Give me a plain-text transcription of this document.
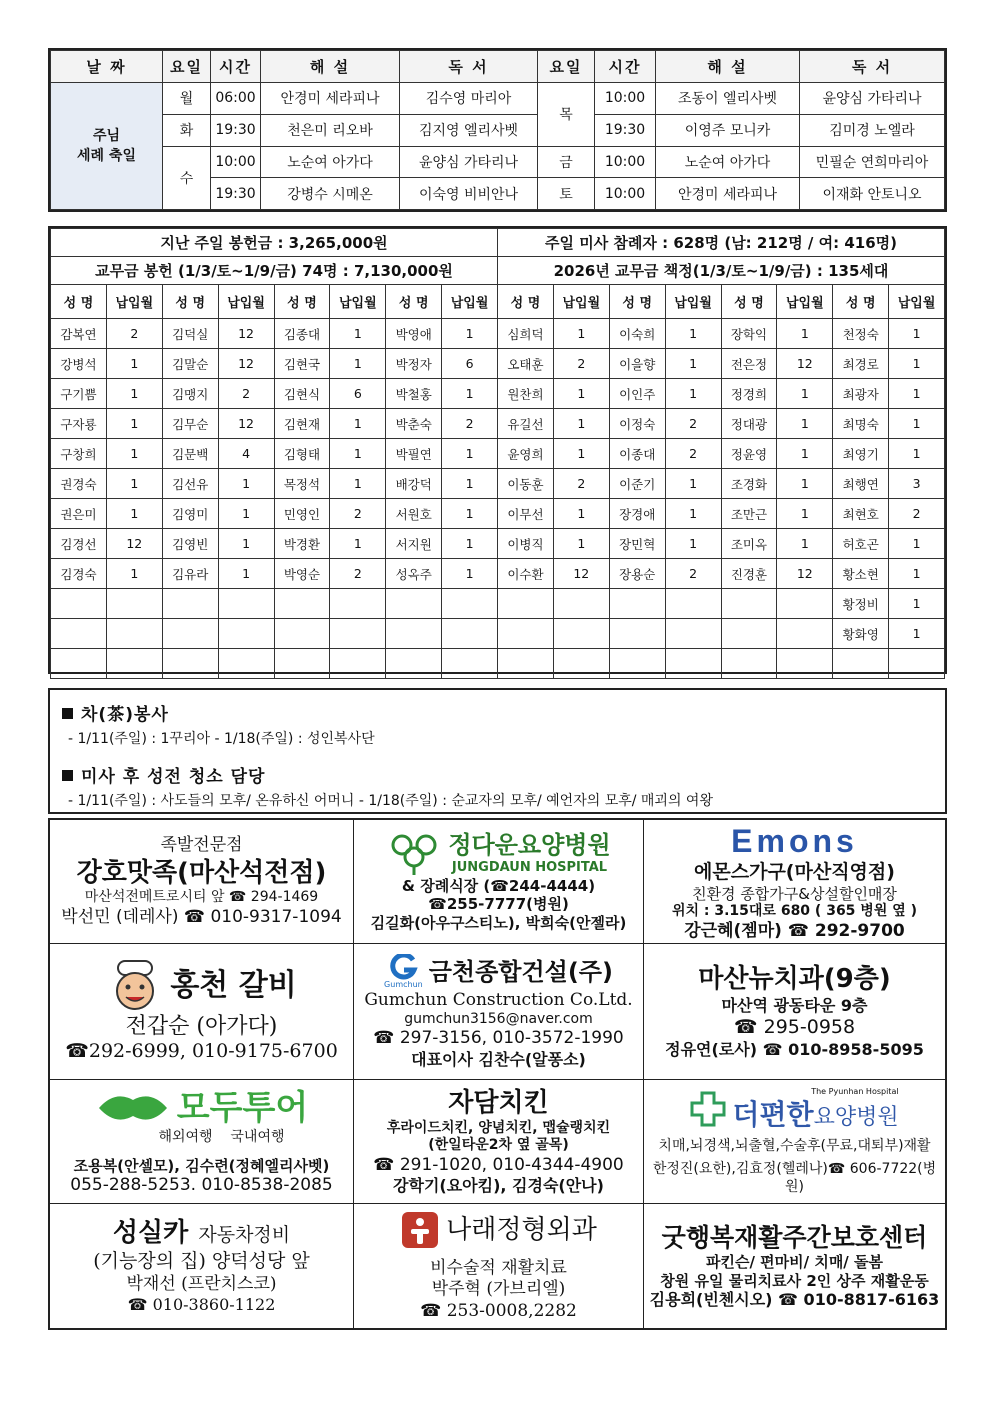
날 짜	요일	시간	해 설	독 서	요일	시간	해 설	독 서

주님
세례 축일	월	06:00	안경미 세라피나	김수영 마리아	목	10:00	조동이 엘리사벳	윤양심 가타리나
	화	19:30	천은미 리오바	김지영 엘리사벳		19:30	이영주 모니카	김미경 노엘라
	수	10:00	노순여 아가다	윤양심 가타리나	금	10:00	노순여 아가다	민필순 연희마리아
		19:30	강병수 시메온	이숙영 비비안나	토	10:00	안경미 세라피나	이재화 안토니오
지난 주일 봉헌금 : 3,265,000원								주일 미사 참례자 : 628명 (남: 212명 / 여: 416명)							
교무금 봉헌 (1/3/토~1/9/금) 74명 : 7,130,000원								2026년 교무금 책정(1/3/토~1/9/금) : 135세대							
성 명	납입월	성 명	납입월	성 명	납입월	성 명	납입월	성 명	납입월	성 명	납입월	성 명	납입월	성 명	납입월
감복연	2	김덕실	12	김종대	1	박영애	1	심희덕	1	이숙희	1	장학익	1	천정숙	1
강병석	1	김말순	12	김현국	1	박정자	6	오태훈	2	이을향	1	전은정	12	최경로	1
구기쁨	1	김맹지	2	김현식	6	박철홍	1	원찬희	1	이인주	1	정경희	1	최광자	1
구자룡	1	김무순	12	김현재	1	박춘숙	2	유길선	1	이정숙	2	정대광	1	최명숙	1
구창희	1	김문백	4	김형태	1	박필연	1	윤영희	1	이종대	2	정윤영	1	최영기	1
권경숙	1	김선유	1	목정석	1	배강덕	1	이동훈	2	이준기	1	조경화	1	최행연	3
권은미	1	김영미	1	민영인	2	서원호	1	이무선	1	장경애	1	조만근	1	최현호	2
김경선	12	김영빈	1	박경환	1	서지원	1	이병직	1	장민혁	1	조미옥	1	허호곤	1
김경숙	1	김유라	1	박영순	2	성옥주	1	이수환	12	장용순	2	진경훈	12	황소현	1
														황정비	1
														황화영	1

차(茶)봉사
- 1/11(주일) : 1꾸리아 - 1/18(주일) : 성인복사단
미사 후 성전 청소 담당
- 1/11(주일) : 사도들의 모후/ 온유하신 어머니 - 1/18(주일) : 순교자의 모후/ 예언자의 모후/ 매괴의 여왕
족발전문점
강호맛족(마산석전점)
마산석전메트로시티 앞 ☎ 294-1469
박선민 (데레사) ☎ 010-9317-1094
정다운요양병원
JUNGDAUN HOSPITAL
& 장례식장 (☎244-4444)
☎255-7777(병원)
김길화(아우구스티노), 박희숙(안젤라)
Emons
에몬스가구(마산직영점)
친환경 종합가구&상설할인매장
위치 : 3.15대로 680 ( 365 병원 옆 )
강근혜(젬마) ☎ 292-9700
홍천 갈비
전갑순 (아가다)
☎292-6999, 010-9175-6700
Gumchun 금천종합건설(주)
Gumchun Construction Co.Ltd.
gumchun3156@naver.com
☎ 297-3156, 010-3572-1990
대표이사 김찬수(알퐁소)
마산뉴치과(9층)
마산역 광동타운 9층
☎ 295-0958
정유연(로사) ☎ 010-8958-5095
모두투어
해외여행 국내여행
조용복(안셀모), 김수련(정혜엘리사벳)
055-288-5253. 010-8538-2085
자담치킨
후라이드치킨, 양념치킨, 맵슐랭치킨
(한일타운2차 옆 골목)
☎ 291-1020, 010-4344-4900
강학기(요아킴), 김경숙(안나)
The Pyunhan Hospital
더편한요양병원
치매,뇌경색,뇌출혈,수술후(무료,대퇴부)재활
한정진(요한),김효정(헬레나)☎ 606-7722(병원)
성실카 자동차정비
(기능장의 집) 양덕성당 앞
박재선 (프란치스코)
☎ 010-3860-1122
나래정형외과
비수술적 재활치료
박주혁 (가브리엘)
☎ 253-0008,2282
굿행복재활주간보호센터
파킨슨/ 편마비/ 치매/ 돌봄
창원 유일 물리치료사 2인 상주 재활운동
김용희(빈첸시오) ☎ 010-8817-6163
